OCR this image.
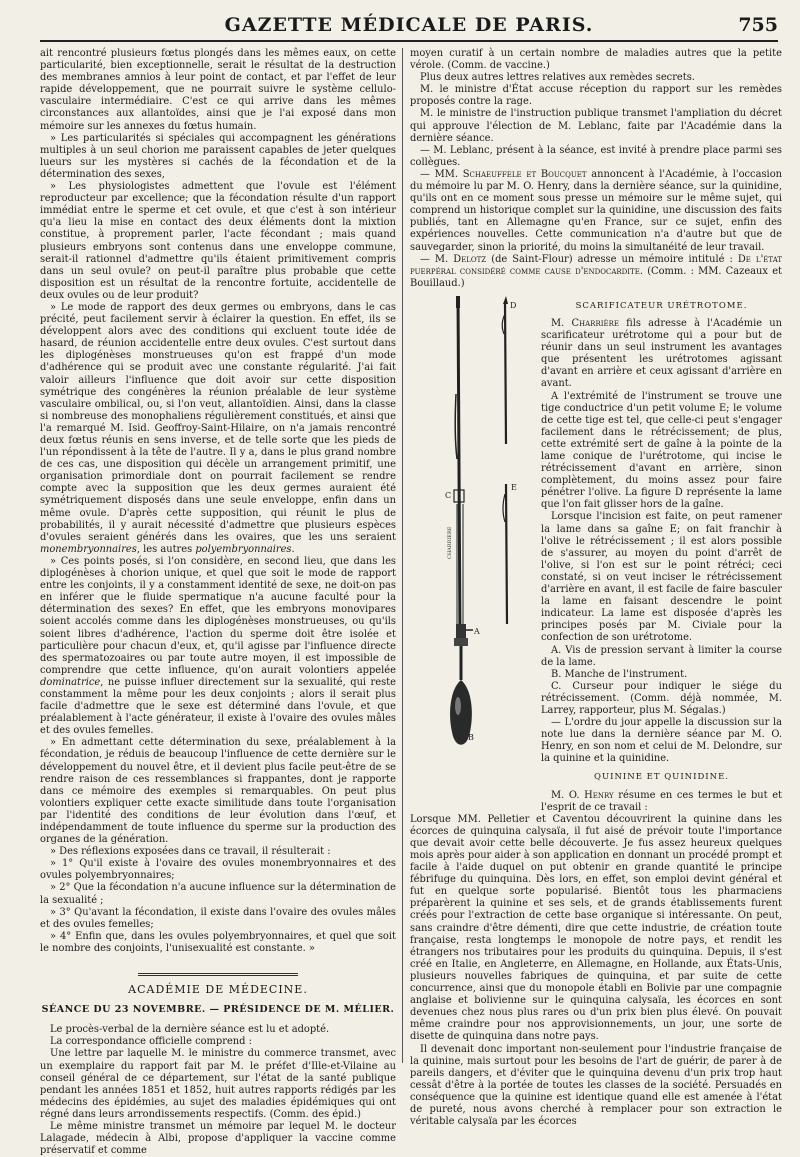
GAZETTE MÉDICALE DE PARIS.	755

ait rencontré plusieurs fœtus plongés dans les mêmes eaux, on cette particularité, bien exceptionnelle, serait le résultat de la destruction des membranes amnios à leur point de contact, et par l'effet de leur rapide développement, que ne pourrait suivre le système cellulo-vasculaire intermédiaire. C'est ce qui arrive dans les mêmes circonstances aux allantoïdes, ainsi que je l'ai exposé dans mon mémoire sur les annexes du fœtus humain.

» Les particularités si spéciales qui accompagnent les générations multiples à un seul chorion me paraissent capables de jeter quelques lueurs sur les mystères si cachés de la fécondation et de la détermination des sexes,

» Les physiologistes admettent que l'ovule est l'élément reproducteur par excellence; que la fécondation résulte d'un rapport immédiat entre le sperme et cet ovule, et que c'est à son intérieur qu'a lieu la mise en contact des deux éléments dont la mixtion constitue, à proprement parler, l'acte fécondant ; mais quand plusieurs embryons sont contenus dans une enveloppe commune, serait-il rationnel d'admettre qu'ils étaient primitivement compris dans un seul ovule? on peut-il paraître plus probable que cette disposition est un résultat de la rencontre fortuite, accidentelle de deux ovules ou de leur produit?

» Le mode de rapport des deux germes ou embryons, dans le cas précité, peut facilement servir à éclairer la question. En effet, ils se développent alors avec des conditions qui excluent toute idée de hasard, de réunion accidentelle entre deux ovules. C'est surtout dans les diplogénèses monstrueuses qu'on est frappé d'un mode d'adhérence qui se produit avec une constante régularité. J'ai fait valoir ailleurs l'influence que doit avoir sur cette disposition symétrique des congénères la réunion préalable de leur système vasculaire ombilical, ou, si l'on veut, allantoïdien. Ainsi, dans la classe si nombreuse des monophaliens régulièrement constitués, et ainsi que l'a remarqué M. Isid. Geoffroy-Saint-Hilaire, on n'a jamais rencontré deux fœtus réunis en sens inverse, et de telle sorte que les pieds de l'un répondissent à la tête de l'autre. Il y a, dans le plus grand nombre de ces cas, une disposition qui décèle un arrangement primitif, une organisation primordiale dont on pourrait facilement se rendre compte avec la supposition que les deux germes auraient été symétriquement disposés dans une seule enveloppe, enfin dans un même ovule. D'après cette supposition, qui réunit le plus de probabilités, il y aurait nécessité d'admettre que plusieurs espèces d'ovules seraient générés dans les ovaires, que les uns seraient monembryonnaires, les autres polyembryonnaires.

» Ces points posés, si l'on considère, en second lieu, que dans les diplogénèses à chorion unique, et quel que soit le mode de rapport entre les conjoints, il y a constamment identité de sexe, ne doit-on pas en inférer que le fluide spermatique n'a aucune faculté pour la détermination des sexes? En effet, que les embryons monovipares soient accolés comme dans les diplogénèses monstrueuses, ou qu'ils soient libres d'adhérence, l'action du sperme doit être isolée et particulière pour chacun d'eux, et, qu'il agisse par l'influence directe des spermatozoaires ou par toute autre moyen, il est impossible de comprendre que cette influence, qu'on aurait volontiers appelée dominatrice, ne puisse influer directement sur la sexualité, qui reste constamment la même pour les deux conjoints ; alors il serait plus facile d'admettre que le sexe est déterminé dans l'ovule, et que préalablement à l'acte générateur, il existe à l'ovaire des ovules mâles et des ovules femelles.

» En admettant cette détermination du sexe, préalablement à la fécondation, je réduis de beaucoup l'influence de cette dernière sur le développement du nouvel être, et il devient plus facile peut-être de se rendre raison de ces ressemblances si frappantes, dont je rapporte dans ce mémoire des exemples si remarquables. On peut plus volontiers expliquer cette exacte similitude dans toute l'organisation par l'identité des conditions de leur évolution dans l'œuf, et indépendamment de toute influence du sperme sur la production des organes de la génération.

» Des réflexions exposées dans ce travail, il résulterait :

» 1° Qu'il existe à l'ovaire des ovules monembryonnaires et des ovules polyembryonnaires;

» 2° Que la fécondation n'a aucune influence sur la détermination de la sexualité ;

» 3° Qu'avant la fécondation, il existe dans l'ovaire des ovules mâles et des ovules femelles;

» 4° Enfin que, dans les ovules polyembryonnaires, et quel que soit le nombre des conjoints, l'unisexualité est constante. »

ACADÉMIE DE MÉDECINE.
SÉANCE DU 23 NOVEMBRE. — PRÉSIDENCE DE M. MÉLIER.

Le procès-verbal de la dernière séance est lu et adopté.

La correspondance officielle comprend :

Une lettre par laquelle M. le ministre du commerce transmet, avec un exemplaire du rapport fait par M. le préfet d'Ille-et-Vilaine au conseil général de ce département, sur l'état de la santé publique pendant les années 1851 et 1852, huit autres rapports rédigés par les médecins des épidémies, au sujet des maladies épidémiques qui ont régné dans leurs arrondissements respectifs. (Comm. des épid.)

Le même ministre transmet un mémoire par lequel M. le docteur Lalagade, médecin à Albi, propose d'appliquer la vaccine comme préservatif et comme

moyen curatif à un certain nombre de maladies autres que la petite vérole. (Comm. de vaccine.)

Plus deux autres lettres relatives aux remèdes secrets.

M. le ministre d'État accuse réception du rapport sur les remèdes proposés contre la rage.

M. le ministre de l'instruction publique transmet l'ampliation du décret qui approuve l'élection de M. Leblanc, faite par l'Académie dans la dernière séance.

— M. Leblanc, présent à la séance, est invité à prendre place parmi ses collègues.

— MM. Schaeuffele et Boucquet annoncent à l'Académie, à l'occasion du mémoire lu par M. O. Henry, dans la dernière séance, sur la quinidine, qu'ils ont en ce moment sous presse un mémoire sur le même sujet, qui comprend un historique complet sur la quinidine, une discussion des faits publiés, tant en Allemagne qu'en France, sur ce sujet, enfin des expériences nouvelles. Cette communication n'a d'autre but que de sauvegarder, sinon la priorité, du moins la simultanéité de leur travail.

— M. Delotz (de Saint-Flour) adresse un mémoire intitulé : De l'état puerpéral considéré comme cause d'endocardite. (Comm. : MM. Cazeaux et Bouillaud.)

CHARRIÈRE
D
E
C
A
B
SCARIFICATEUR URÉTROTOME.

M. Charrière fils adresse à l'Académie un scarificateur urétrotome qui a pour but de réunir dans un seul instrument les avantages que présentent les urétrotomes agissant d'avant en arrière et ceux agissant d'arrière en avant.

A l'extrémité de l'instrument se trouve une tige conductrice d'un petit volume E; le volume de cette tige est tel, que celle-ci peut s'engager facilement dans le rétrécissement; de plus, cette extrémité sert de gaîne à la pointe de la lame conique de l'urétrotome, qui incise le rétrécissement d'avant en arrière, sinon complètement, du moins assez pour faire pénétrer l'olive. La figure D représente la lame que l'on fait glisser hors de la gaîne.

Lorsque l'incision est faite, on peut ramener la lame dans sa gaîne E; on fait franchir à l'olive le rétrécissement ; il est alors possible de s'assurer, au moyen du point d'arrêt de l'olive, si l'on est sur le point rétréci; ceci constaté, si on veut inciser le rétrécissement d'arrière en avant, il est facile de faire basculer la lame en faisant descendre le point indicateur. La lame est disposée d'après les principes posés par M. Civiale pour la confection de son urétrotome.

A. Vis de pression servant à limiter la course de la lame.

B. Manche de l'instrument.

C. Curseur pour indiquer le siége du rétrécissement. (Comm. déjà nommée, M. Larrey, rapporteur, plus M. Ségalas.)

— L'ordre du jour appelle la discussion sur la note lue dans la dernière séance par M. O. Henry, en son nom et celui de M. Delondre, sur la quinine et la quinidine.

QUININE ET QUINIDINE.

M. O. Henry résume en ces termes le but et l'esprit de ce travail :

Lorsque MM. Pelletier et Caventou découvrirent la quinine dans les écorces de quinquina calysaïa, il fut aisé de prévoir toute l'importance que devait avoir cette belle découverte. Je fus assez heureux quelques mois après pour aider à son application en donnant un procédé prompt et facile à l'aide duquel on put obtenir en grande quantité le principe fébrifuge du quinquina. Dès lors, en effet, son emploi devint général et fut en quelque sorte popularisé. Bientôt tous les pharmaciens préparèrent la quinine et ses sels, et de grands établissements furent créés pour l'extraction de cette base organique si intéressante. On peut, sans craindre d'être démenti, dire que cette industrie, de création toute française, resta longtemps le monopole de notre pays, et rendit les étrangers nos tributaires pour les produits du quinquina. Depuis, il s'est créé en Italie, en Angleterre, en Allemagne, en Hollande, aux États-Unis, plusieurs nouvelles fabriques de quinquina, et par suite de cette concurrence, ainsi que du monopole établi en Bolivie par une compagnie anglaise et bolivienne sur le quinquina calysaïa, les écorces en sont devenues chez nous plus rares ou d'un prix bien plus élevé. On pouvait même craindre pour nos approvisionnements, un jour, une sorte de disette de quinquina dans notre pays.

Il devenait donc important non-seulement pour l'industrie française de la quinine, mais surtout pour les besoins de l'art de guérir, de parer à de pareils dangers, et d'éviter que le quinquina devenu d'un prix trop haut cessât d'être à la portée de toutes les classes de la société. Persuadés en conséquence que la quinine est identique quand elle est amenée à l'état de pureté, nous avons cherché à remplacer pour son extraction le véritable calysaïa par les écorces
